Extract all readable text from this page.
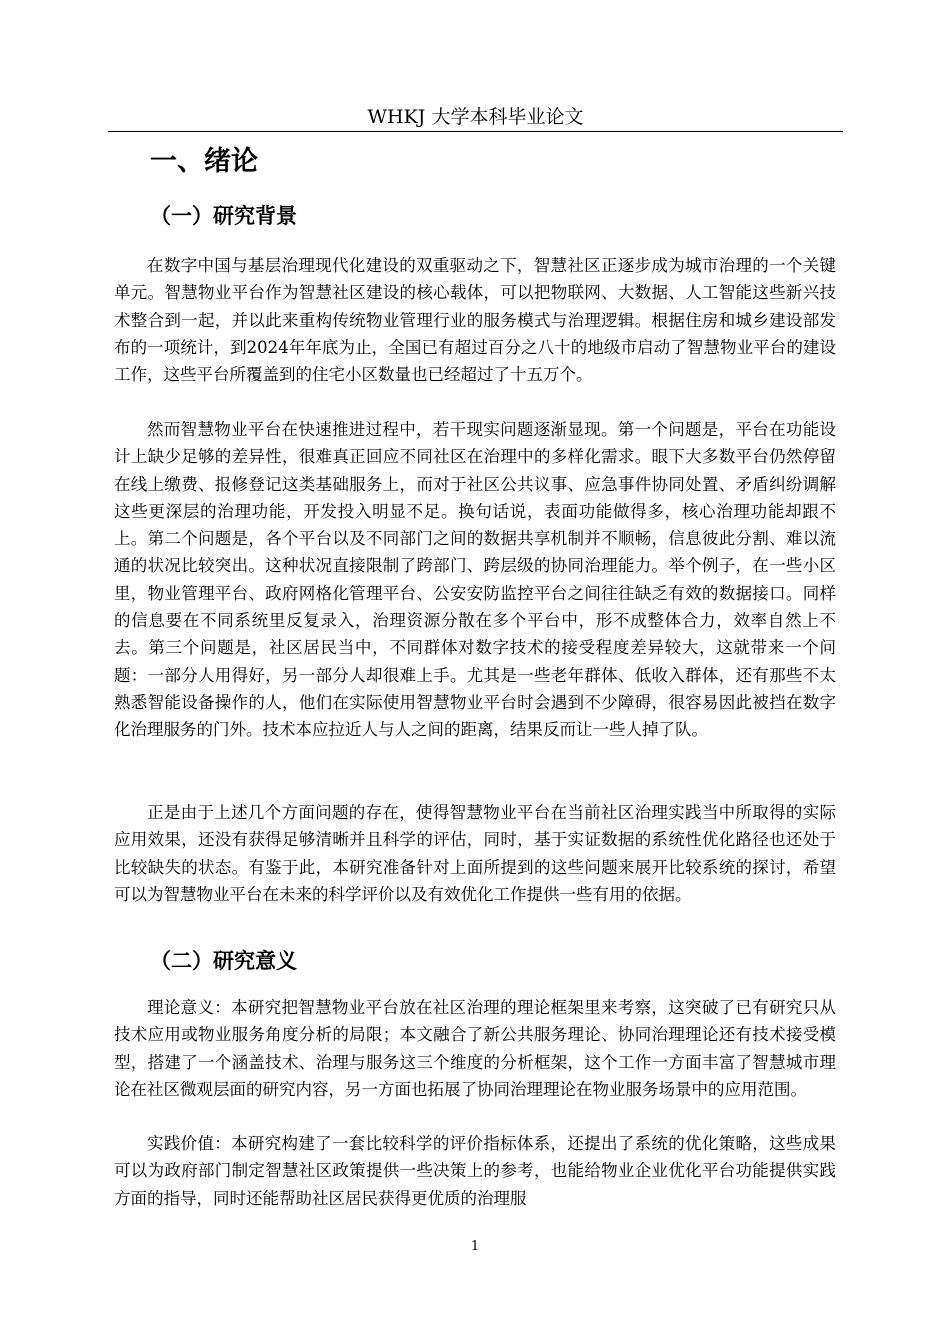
WHKJ 大学本科毕业论文
一、绪论
（一）研究背景

在数字中国与基层治理现代化建设的双重驱动之下，智慧社区正逐步成为城市治理的一个关键单元。智慧物业平台作为智慧社区建设的核心载体，可以把物联网、大数据、人工智能这些新兴技术整合到一起，并以此来重构传统物业管理行业的服务模式与治理逻辑。根据住房和城乡建设部发布的一项统计，到2024年年底为止，全国已有超过百分之八十的地级市启动了智慧物业平台的建设工作，这些平台所覆盖到的住宅小区数量也已经超过了十五万个。

然而智慧物业平台在快速推进过程中，若干现实问题逐渐显现。第一个问题是，平台在功能设计上缺少足够的差异性，很难真正回应不同社区在治理中的多样化需求。眼下大多数平台仍然停留在线上缴费、报修登记这类基础服务上，而对于社区公共议事、应急事件协同处置、矛盾纠纷调解这些更深层的治理功能，开发投入明显不足。换句话说，表面功能做得多，核心治理功能却跟不上。第二个问题是，各个平台以及不同部门之间的数据共享机制并不顺畅，信息彼此分割、难以流通的状况比较突出。这种状况直接限制了跨部门、跨层级的协同治理能力。举个例子，在一些小区里，物业管理平台、政府网格化管理平台、公安安防监控平台之间往往缺乏有效的数据接口。同样的信息要在不同系统里反复录入，治理资源分散在多个平台中，形不成整体合力，效率自然上不去。第三个问题是，社区居民当中，不同群体对数字技术的接受程度差异较大，这就带来一个问题：一部分人用得好，另一部分人却很难上手。尤其是一些老年群体、低收入群体，还有那些不太熟悉智能设备操作的人，他们在实际使用智慧物业平台时会遇到不少障碍，很容易因此被挡在数字化治理服务的门外。技术本应拉近人与人之间的距离，结果反而让一些人掉了队。

正是由于上述几个方面问题的存在，使得智慧物业平台在当前社区治理实践当中所取得的实际应用效果，还没有获得足够清晰并且科学的评估，同时，基于实证数据的系统性优化路径也还处于比较缺失的状态。有鉴于此，本研究准备针对上面所提到的这些问题来展开比较系统的探讨，希望可以为智慧物业平台在未来的科学评价以及有效优化工作提供一些有用的依据。

（二）研究意义

理论意义：本研究把智慧物业平台放在社区治理的理论框架里来考察，这突破了已有研究只从技术应用或物业服务角度分析的局限；本文融合了新公共服务理论、协同治理理论还有技术接受模型，搭建了一个涵盖技术、治理与服务这三个维度的分析框架，这个工作一方面丰富了智慧城市理论在社区微观层面的研究内容，另一方面也拓展了协同治理理论在物业服务场景中的应用范围。

实践价值：本研究构建了一套比较科学的评价指标体系，还提出了系统的优化策略，这些成果可以为政府部门制定智慧社区政策提供一些决策上的参考，也能给物业企业优化平台功能提供实践方面的指导，同时还能帮助社区居民获得更优质的治理服

1
